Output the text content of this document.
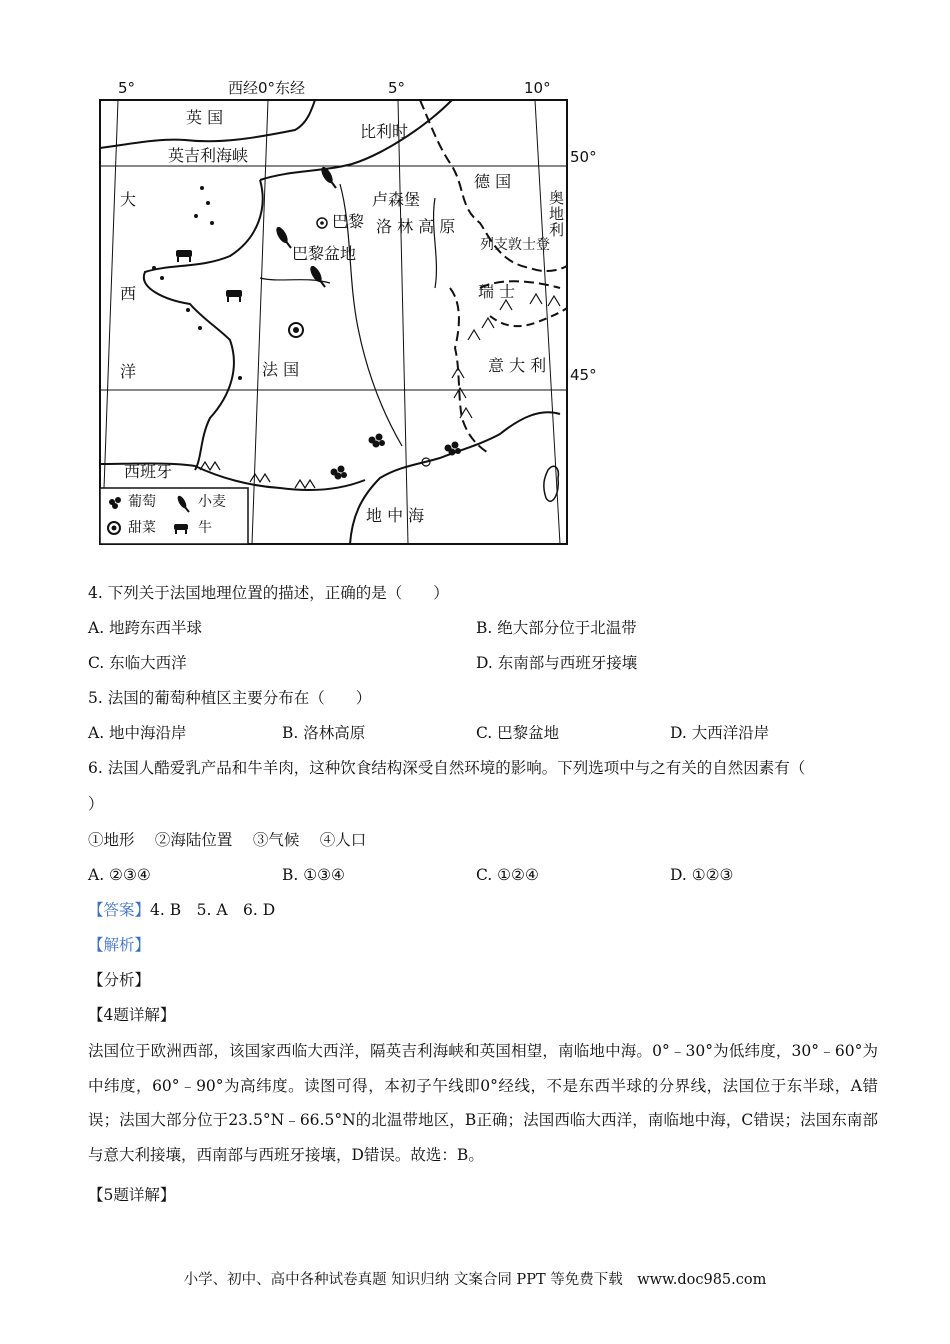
5°	西经0°东经	5°	10°
50°
45°
英 国
比利时
英吉利海峡
德 国
奥地利
卢森堡
巴黎 洛 林 高 原
列支敦士登
巴黎盆地
瑞 士
大
西
洋	法 国	意 大 利
西班牙
地 中 海
葡萄	小麦
甜菜	牛
4. 下列关于法国地理位置的描述，正确的是（　　）
A. 地跨东西半球	B. 绝大部分位于北温带
C. 东临大西洋	D. 东南部与西班牙接壤
5. 法国的葡萄种植区主要分布在（　　）
A. 地中海沿岸	B. 洛林高原	C. 巴黎盆地	D. 大西洋沿岸
6. 法国人酷爱乳产品和牛羊肉，这种饮食结构深受自然环境的影响。下列选项中与之有关的自然因素有（
）
①地形　 ②海陆位置　 ③气候　 ④人口
A. ②③④	B. ①③④	C. ①②④	D. ①②③
【答案】4. B　5. A　6. D
【解析】
【分析】
【4题详解】

法国位于欧洲西部，该国家西临大西洋，隔英吉利海峡和英国相望，南临地中海。0°﹣30°为低纬度，30°﹣60°为中纬度，60°﹣90°为高纬度。读图可得，本初子午线即0°经线，不是东西半球的分界线，法国位于东半球，A错误；法国大部分位于23.5°N﹣66.5°N的北温带地区，B正确；法国西临大西洋，南临地中海，C错误；法国东南部与意大利接壤，西南部与西班牙接壤，D错误。故选：B。

【5题详解】
小学、初中、高中各种试卷真题 知识归纳 文案合同 PPT 等免费下载　www.doc985.com
